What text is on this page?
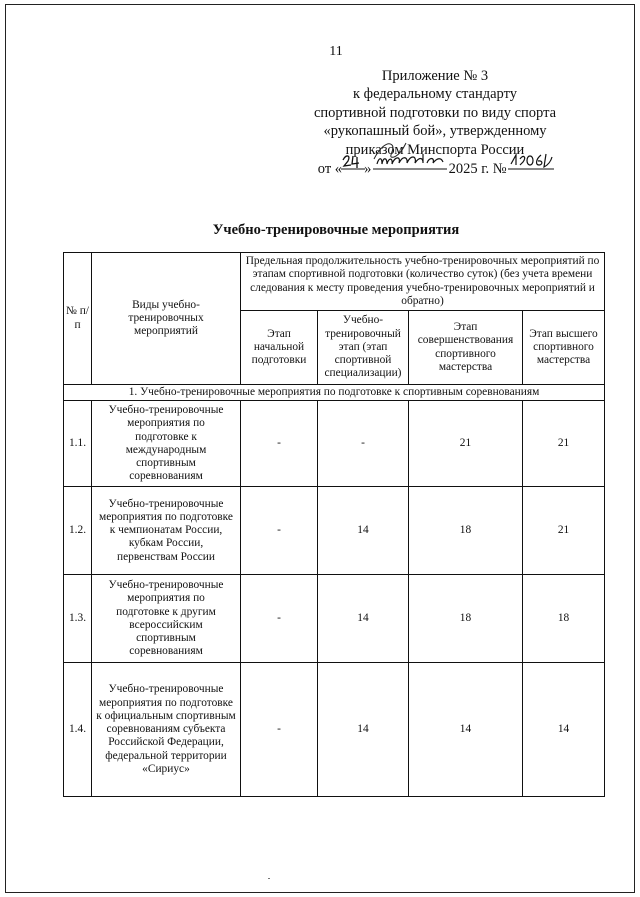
11
Приложение № 3
к федеральному стандарту
спортивной подготовки по виду спорта
«рукопашный бой», утвержденному
приказом Минспорта России
от « »	2025 г. №
Учебно-тренировочные мероприятия
№ п/п	Виды учебно-тренировочных мероприятий	Предельная продолжительность учебно-тренировочных мероприятий по этапам спортивной подготовки (количество суток) (без учета времени следования к месту проведения учебно-тренировочных мероприятий и обратно)			
		Этап начальной подготовки	Учебно-тренировочный этап (этап спортивной специализации)	Этап совершенствования спортивного мастерства	Этап высшего спортивного мастерства
1. Учебно-тренировочные мероприятия по подготовке к спортивным соревнованиям					
1.1.	Учебно-тренировочные мероприятия по подготовке к международным спортивным соревнованиям	-	-	21	21
1.2.	Учебно-тренировочные мероприятия по подготовке к чемпионатам России, кубкам России, первенствам России	-	14	18	21
1.3.	Учебно-тренировочные мероприятия по подготовке к другим всероссийским спортивным соревнованиям	-	14	18	18
1.4.	Учебно-тренировочные мероприятия по подготовке к официальным спортивным соревнованиям субъекта Российской Федерации, федеральной территории «Сириус»	-	14	14	14
